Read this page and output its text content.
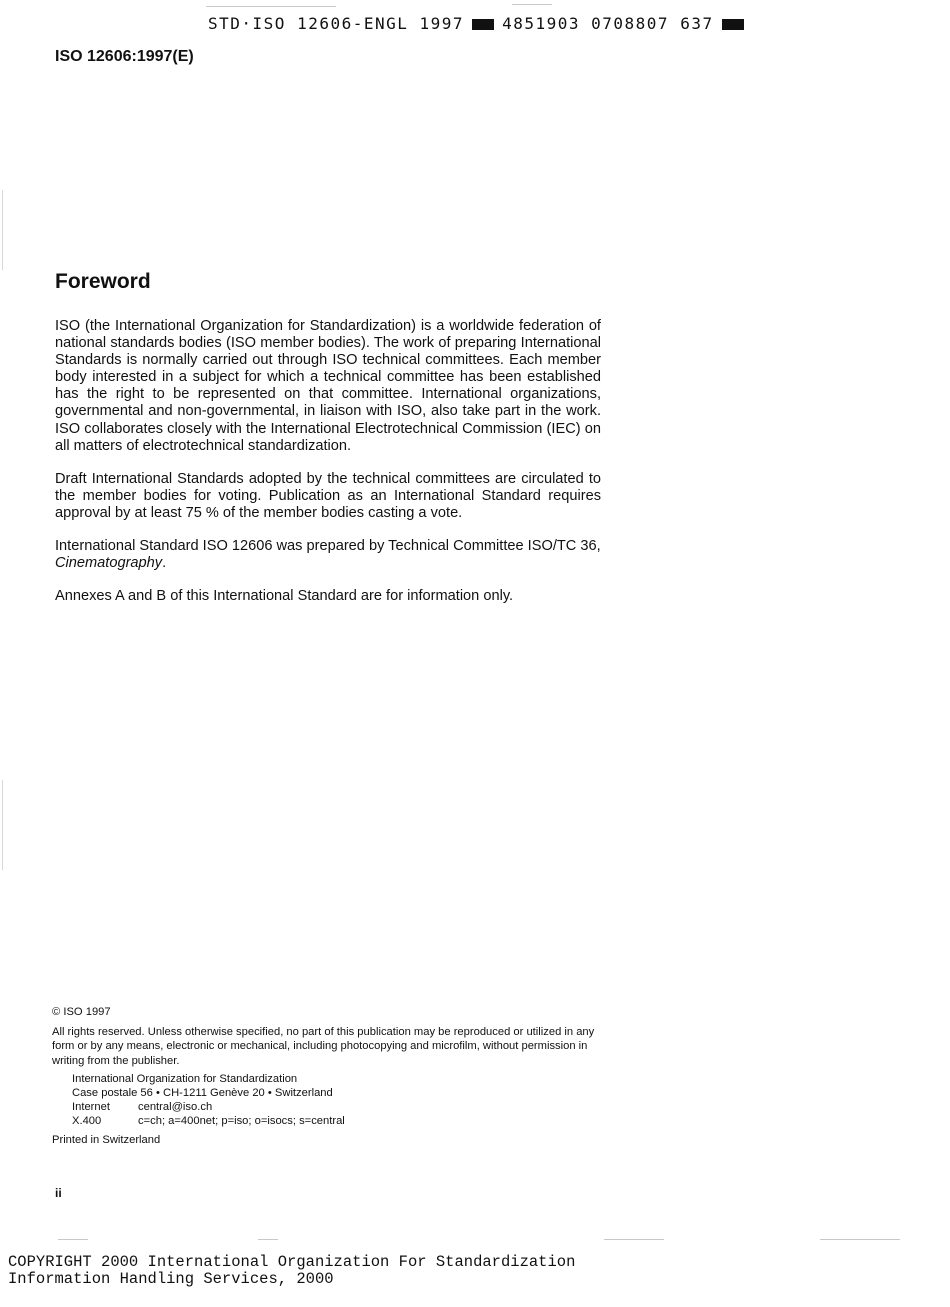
STD·ISO 12606-ENGL 1997 4851903 0708807 637
ISO 12606:1997(E)
Foreword

ISO (the International Organization for Standardization) is a worldwide federation of national standards bodies (ISO member bodies). The work of preparing International Standards is normally carried out through ISO technical committees. Each member body interested in a subject for which a technical committee has been established has the right to be represented on that committee. International organizations, governmental and non-governmental, in liaison with ISO, also take part in the work. ISO collaborates closely with the International Electrotechnical Commission (IEC) on all matters of electrotechnical standardization.

Draft International Standards adopted by the technical committees are circulated to the member bodies for voting. Publication as an International Standard requires approval by at least 75 % of the member bodies casting a vote.

International Standard ISO 12606 was prepared by Technical Committee ISO/TC 36, Cinematography.

Annexes A and B of this International Standard are for information only.

© ISO 1997
All rights reserved. Unless otherwise specified, no part of this publication may be reproduced or utilized in any form or by any means, electronic or mechanical, including photocopying and microfilm, without permission in writing from the publisher.
International Organization for Standardization
Case postale 56 • CH-1211 Genève 20 • Switzerland
Internet	central@iso.ch
X.400	c=ch; a=400net; p=iso; o=isocs; s=central
Printed in Switzerland
ii
COPYRIGHT 2000 International Organization For Standardization
Information Handling Services, 2000
